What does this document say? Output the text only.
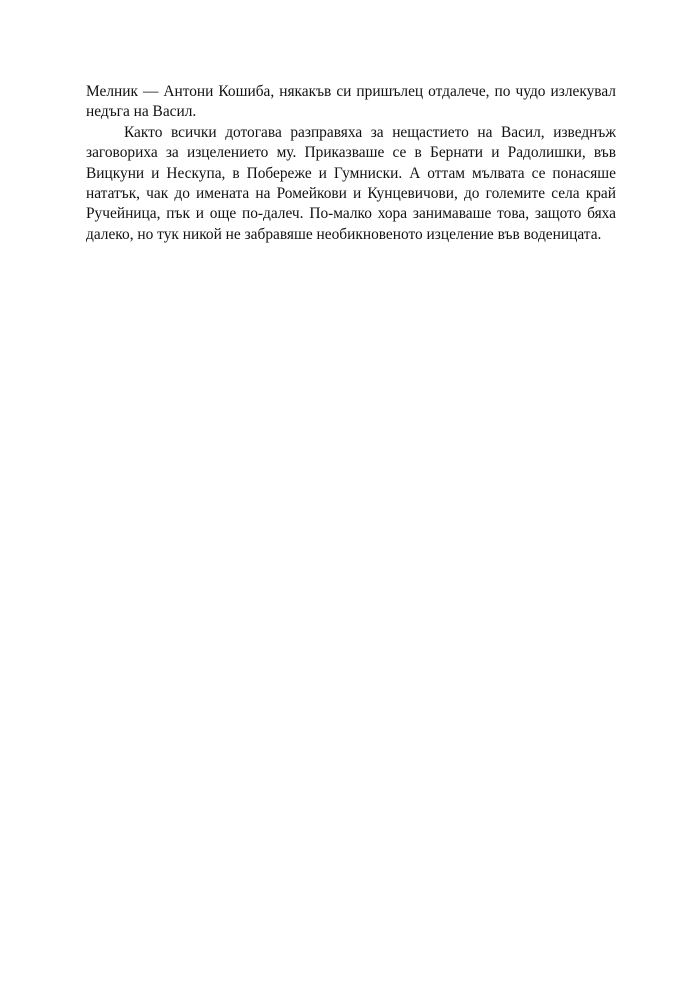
Мелник — Антони Кошиба, някакъв си пришълец отдалече, по чудо излекувал недъга на Васил.

Както всички дотогава разправяха за нещастието на Васил, изведнъж заговориха за изцелението му. Приказваше се в Бернати и Радолишки, във Вицкуни и Нескупа, в Побереже и Гумниски. А оттам мълвата се понасяше нататък, чак до имената на Ромейкови и Кунцевичови, до големите села край Ручейница, пък и още по-далеч. По-малко хора занимаваше това, защото бяха далеко, но тук никой не забравяше необикновеното изцеление във воденицата.
